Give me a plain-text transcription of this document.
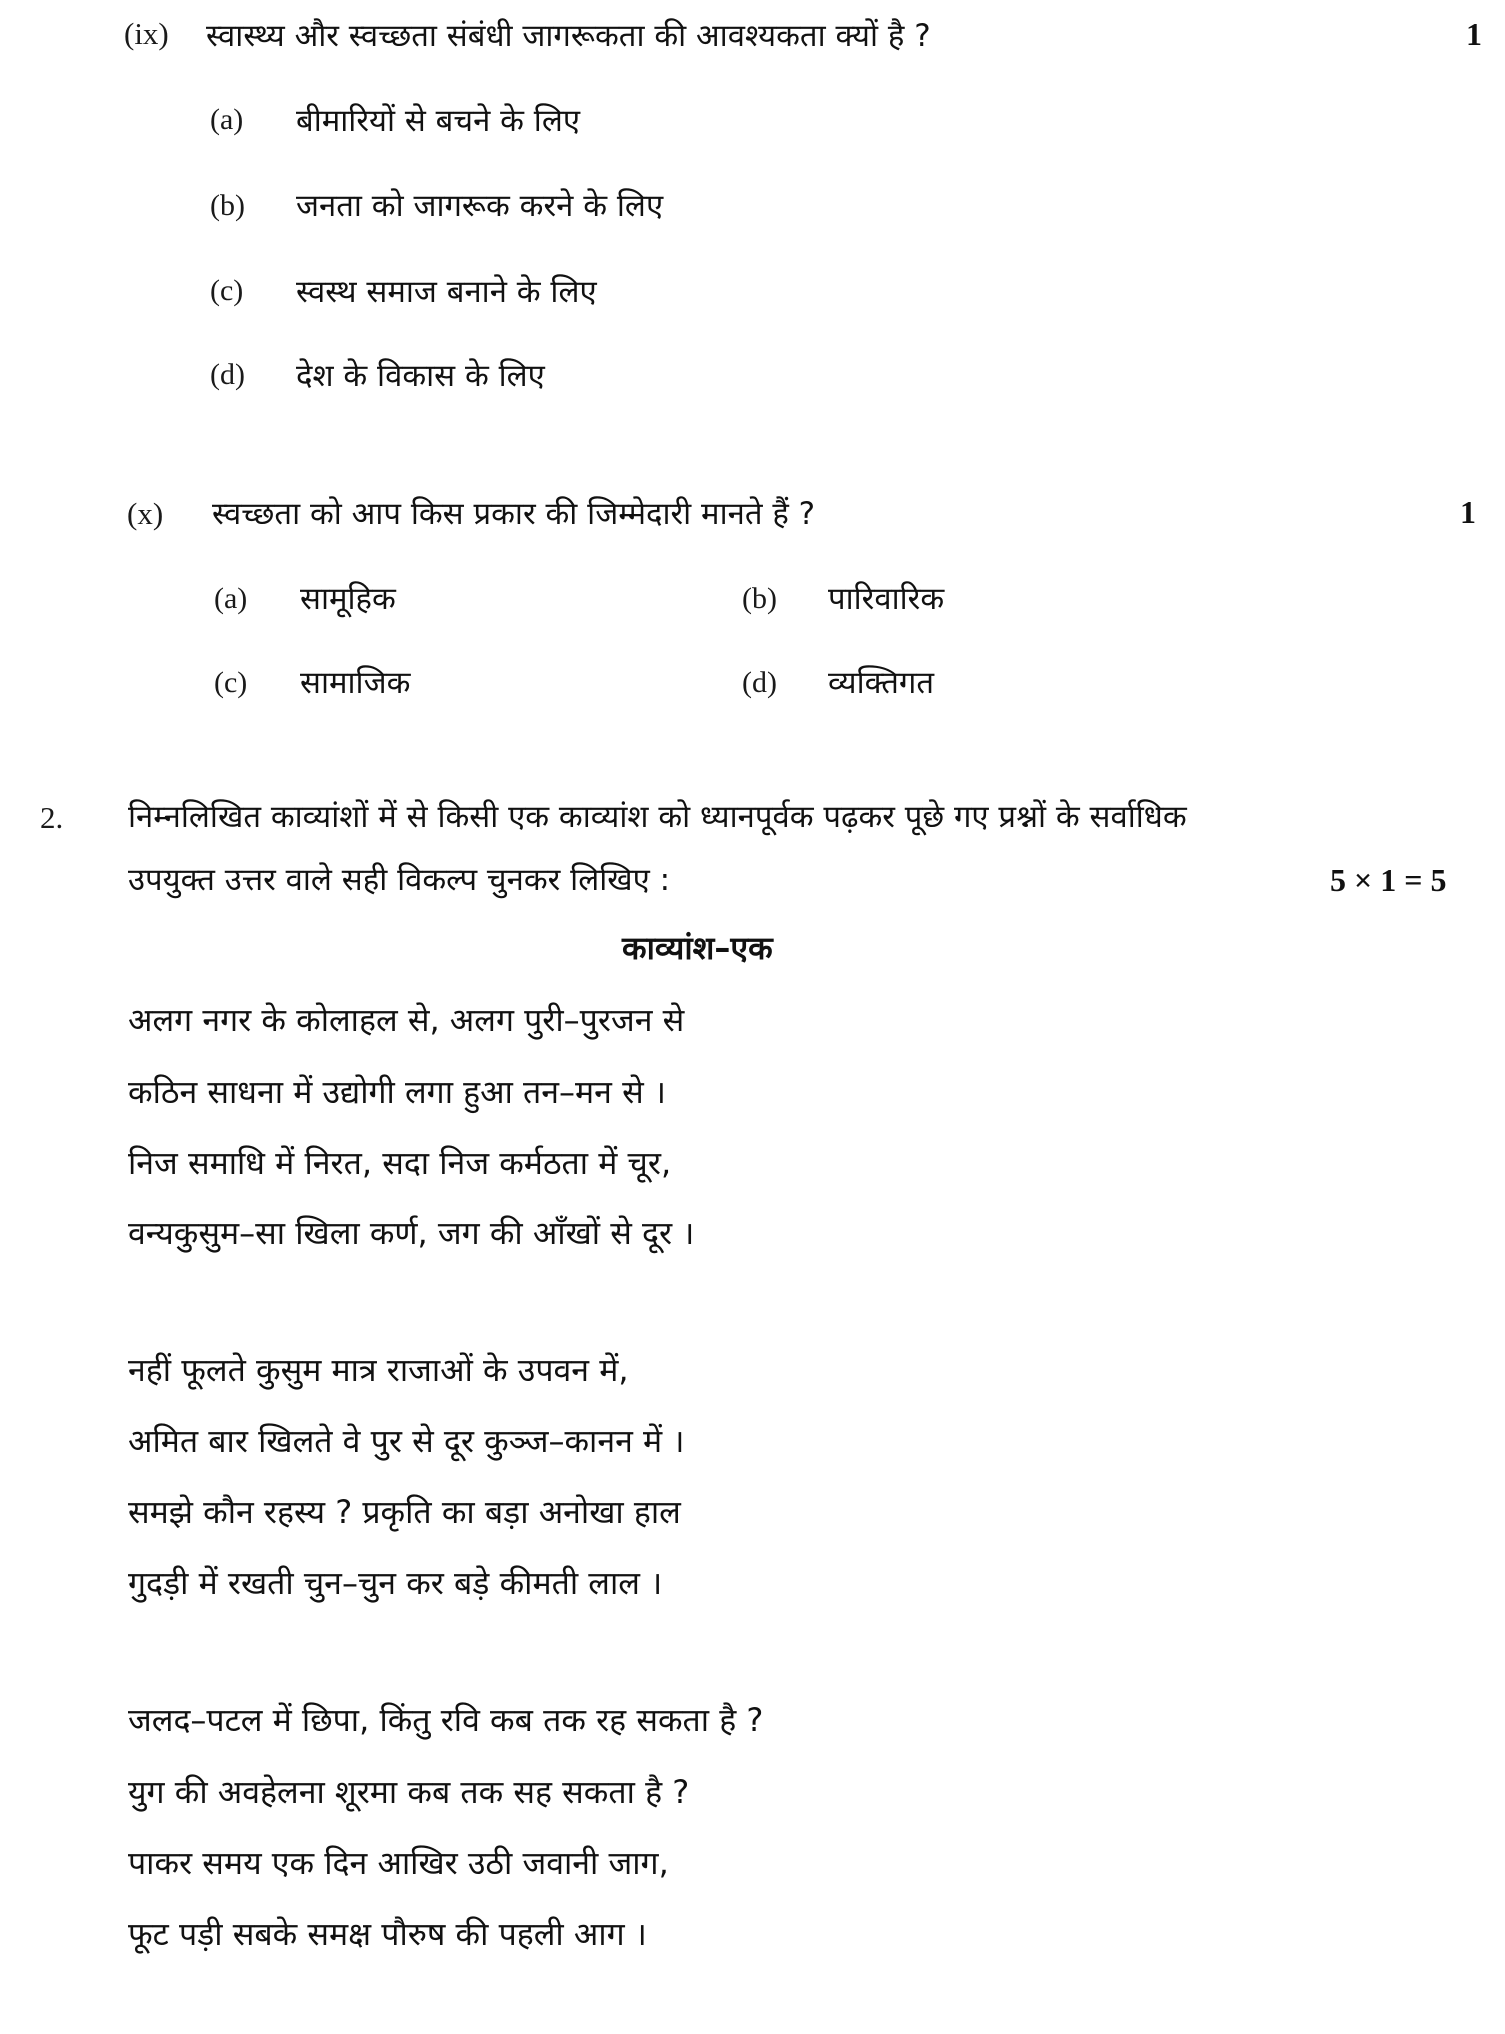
(ix) स्वास्थ्य और स्वच्छता संबंधी जागरूकता की आवश्यकता क्यों है ?	1
(a) बीमारियों से बचने के लिए
(b) जनता को जागरूक करने के लिए
(c) स्वस्थ समाज बनाने के लिए
(d) देश के विकास के लिए
(x) स्वच्छता को आप किस प्रकार की जिम्मेदारी मानते हैं ?	1
(a) सामूहिक	(b) पारिवारिक
(c) सामाजिक	(d) व्यक्तिगत
2. निम्नलिखित काव्यांशों में से किसी एक काव्यांश को ध्यानपूर्वक पढ़कर पूछे गए प्रश्नों के सर्वाधिक
उपयुक्त उत्तर वाले सही विकल्प चुनकर लिखिए :	5 × 1 = 5
काव्यांश–एक
अलग नगर के कोलाहल से, अलग पुरी–पुरजन से
कठिन साधना में उद्योगी लगा हुआ तन–मन से ।
निज समाधि में निरत, सदा निज कर्मठता में चूर,
वन्यकुसुम–सा खिला कर्ण, जग की आँखों से दूर ।
नहीं फूलते कुसुम मात्र राजाओं के उपवन में,
अमित बार खिलते वे पुर से दूर कुञ्ज–कानन में ।
समझे कौन रहस्य ? प्रकृति का बड़ा अनोखा हाल
गुदड़ी में रखती चुन–चुन कर बड़े कीमती लाल ।
जलद–पटल में छिपा, किंतु रवि कब तक रह सकता है ?
युग की अवहेलना शूरमा कब तक सह सकता है ?
पाकर समय एक दिन आखिर उठी जवानी जाग,
फूट पड़ी सबके समक्ष पौरुष की पहली आग ।
